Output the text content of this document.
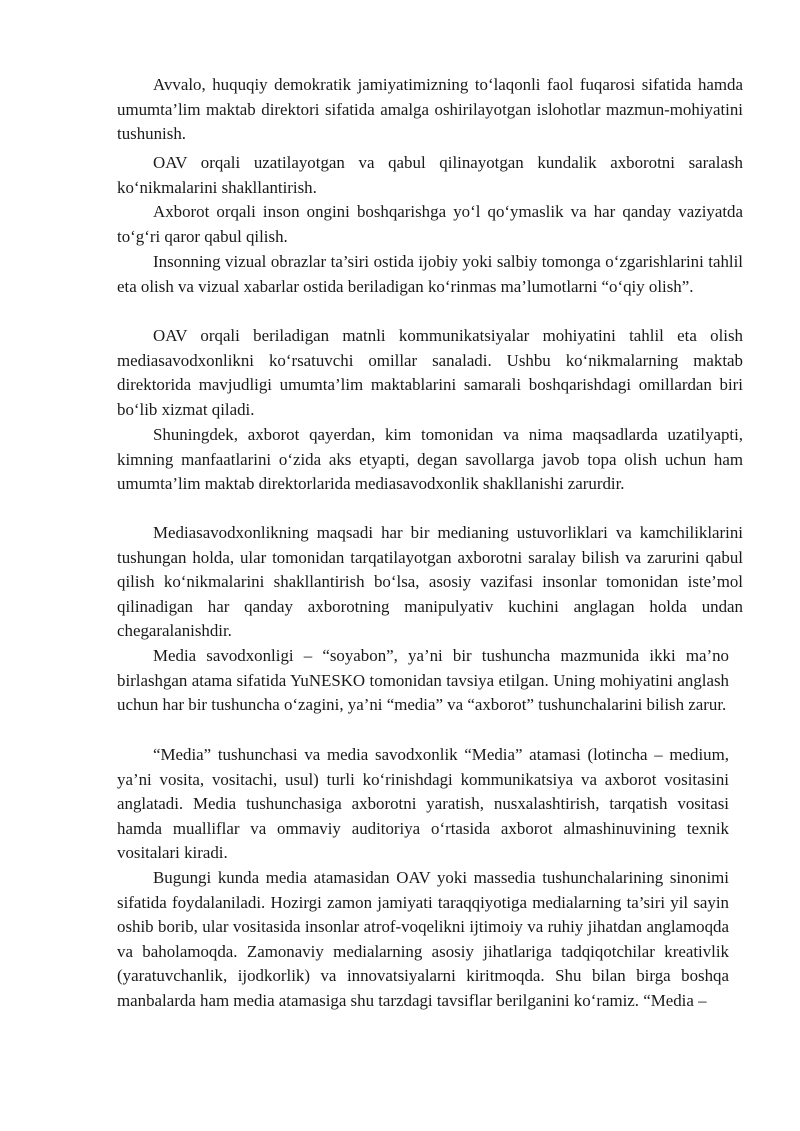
Avvalo, huquqiy demokratik jamiyatimizning to‘laqonli faol fuqarosi sifatida hamda umumta’lim maktab direktori sifatida amalga oshirilayotgan islohotlar mazmun-mohiyatini tushunish.

OAV orqali uzatilayotgan va qabul qilinayotgan kundalik axborotni saralash ko‘nikmalarini shakllantirish.

Axborot orqali inson ongini boshqarishga yo‘l qo‘ymaslik va har qanday vaziyatda to‘g‘ri qaror qabul qilish.

Insonning vizual obrazlar ta’siri ostida ijobiy yoki salbiy tomonga o‘zgarishlarini tahlil eta olish va vizual xabarlar ostida beriladigan ko‘rinmas ma’lumotlarni “o‘qiy olish”.

OAV orqali beriladigan matnli kommunikatsiyalar mohiyatini tahlil eta olish mediasavodxonlikni ko‘rsatuvchi omillar sanaladi. Ushbu ko‘nikmalarning maktab direktorida mavjudligi umumta’lim maktablarini samarali boshqarishdagi omillardan biri bo‘lib xizmat qiladi.

Shuningdek, axborot qayerdan, kim tomonidan va nima maqsadlarda uzatilyapti, kimning manfaatlarini o‘zida aks etyapti, degan savollarga javob topa olish uchun ham umumta’lim maktab direktorlarida mediasavodxonlik shakllanishi zarurdir.

Mediasavodxonlikning maqsadi har bir medianing ustuvorliklari va kamchiliklarini tushungan holda, ular tomonidan tarqatilayotgan axborotni saralay bilish va zarurini qabul qilish ko‘nikmalarini shakllantirish bo‘lsa, asosiy vazifasi insonlar tomonidan iste’mol qilinadigan har qanday axborotning manipulyativ kuchini anglagan holda undan chegaralanishdir.

Media savodxonligi – “soyabon”, ya’ni bir tushuncha mazmunida ikki ma’no birlashgan atama sifatida YuNESKO tomonidan tavsiya etilgan. Uning mohiyatini anglash uchun har bir tushuncha o‘zagini, ya’ni “media” va “axborot” tushunchalarini bilish zarur.

“Media” tushunchasi va media savodxonlik “Media” atamasi (lotincha – medium, ya’ni vosita, vositachi, usul) turli ko‘rinishdagi kommunikatsiya va axborot vositasini anglatadi. Media tushunchasiga axborotni yaratish, nusxalashtirish, tarqatish vositasi hamda mualliflar va ommaviy auditoriya o‘rtasida axborot almashinuvining texnik vositalari kiradi.

Bugungi kunda media atamasidan OAV yoki massedia tushunchalarining sinonimi sifatida foydalaniladi. Hozirgi zamon jamiyati taraqqiyotiga medialarning ta’siri yil sayin oshib borib, ular vositasida insonlar atrof-voqelikni ijtimoiy va ruhiy jihatdan anglamoqda va baholamoqda. Zamonaviy medialarning asosiy jihatlariga tadqiqotchilar kreativlik (yaratuvchanlik, ijodkorlik) va innovatsiyalarni kiritmoqda. Shu bilan birga boshqa manbalarda ham media atamasiga shu tarzdagi tavsiflar berilganini ko‘ramiz. “Media –
